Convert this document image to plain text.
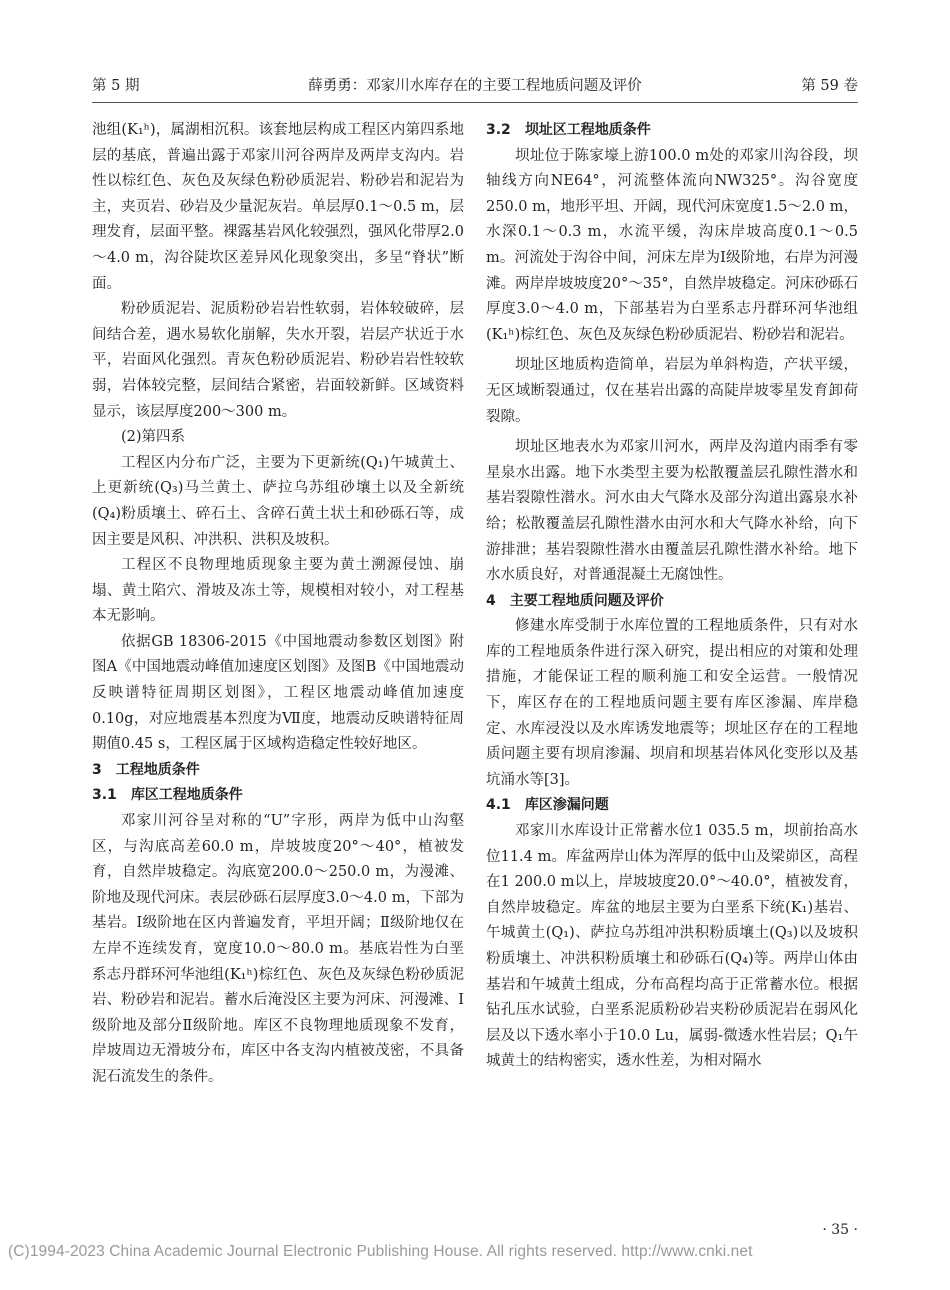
第 5 期	薛勇勇：邓家川水库存在的主要工程地质问题及评价	第 59 卷

池组(K₁ʰ)，属湖相沉积。该套地层构成工程区内第四系地层的基底，普遍出露于邓家川河谷两岸及两岸支沟内。岩性以棕红色、灰色及灰绿色粉砂质泥岩、粉砂岩和泥岩为主，夹页岩、砂岩及少量泥灰岩。单层厚0.1～0.5 m，层理发育，层面平整。裸露基岩风化较强烈，强风化带厚2.0～4.0 m，沟谷陡坎区差异风化现象突出，多呈“脊状”断面。

粉砂质泥岩、泥质粉砂岩岩性软弱，岩体较破碎，层间结合差，遇水易软化崩解，失水开裂，岩层产状近于水平，岩面风化强烈。青灰色粉砂质泥岩、粉砂岩岩性较软弱，岩体较完整，层间结合紧密，岩面较新鲜。区域资料显示，该层厚度200～300 m。

(2)第四系

工程区内分布广泛，主要为下更新统(Q₁)午城黄土、上更新统(Q₃)马兰黄土、萨拉乌苏组砂壤土以及全新统(Q₄)粉质壤土、碎石土、含碎石黄土状土和砂砾石等，成因主要是风积、冲洪积、洪积及坡积。

工程区不良物理地质现象主要为黄土溯源侵蚀、崩塌、黄土陷穴、滑坡及冻土等，规模相对较小，对工程基本无影响。

依据GB 18306-2015《中国地震动参数区划图》附图A《中国地震动峰值加速度区划图》及图B《中国地震动反映谱特征周期区划图》，工程区地震动峰值加速度0.10g，对应地震基本烈度为Ⅶ度，地震动反映谱特征周期值0.45 s，工程区属于区域构造稳定性较好地区。

3 工程地质条件
3.1 库区工程地质条件

邓家川河谷呈对称的“U”字形，两岸为低中山沟壑区，与沟底高差60.0 m，岸坡坡度20°～40°，植被发育，自然岸坡稳定。沟底宽200.0～250.0 m，为漫滩、阶地及现代河床。表层砂砾石层厚度3.0～4.0 m，下部为基岩。Ⅰ级阶地在区内普遍发育，平坦开阔；Ⅱ级阶地仅在左岸不连续发育，宽度10.0～80.0 m。基底岩性为白垩系志丹群环河华池组(K₁ʰ)棕红色、灰色及灰绿色粉砂质泥岩、粉砂岩和泥岩。蓄水后淹没区主要为河床、河漫滩、Ⅰ级阶地及部分Ⅱ级阶地。库区不良物理地质现象不发育，岸坡周边无滑坡分布，库区中各支沟内植被茂密，不具备泥石流发生的条件。

3.2 坝址区工程地质条件

坝址位于陈家壕上游100.0 m处的邓家川沟谷段，坝轴线方向NE64°，河流整体流向NW325°。沟谷宽度250.0 m，地形平坦、开阔，现代河床宽度1.5～2.0 m，水深0.1～0.3 m，水流平缓，沟床岸坡高度0.1～0.5 m。河流处于沟谷中间，河床左岸为Ⅰ级阶地，右岸为河漫滩。两岸岸坡坡度20°～35°，自然岸坡稳定。河床砂砾石厚度3.0～4.0 m，下部基岩为白垩系志丹群环河华池组(K₁ʰ)棕红色、灰色及灰绿色粉砂质泥岩、粉砂岩和泥岩。

坝址区地质构造简单，岩层为单斜构造，产状平缓，无区域断裂通过，仅在基岩出露的高陡岸坡零星发育卸荷裂隙。

坝址区地表水为邓家川河水，两岸及沟道内雨季有零星泉水出露。地下水类型主要为松散覆盖层孔隙性潜水和基岩裂隙性潜水。河水由大气降水及部分沟道出露泉水补给；松散覆盖层孔隙性潜水由河水和大气降水补给，向下游排泄；基岩裂隙性潜水由覆盖层孔隙性潜水补给。地下水水质良好，对普通混凝土无腐蚀性。

4 主要工程地质问题及评价

修建水库受制于水库位置的工程地质条件，只有对水库的工程地质条件进行深入研究，提出相应的对策和处理措施，才能保证工程的顺利施工和安全运营。一般情况下，库区存在的工程地质问题主要有库区渗漏、库岸稳定、水库浸没以及水库诱发地震等；坝址区存在的工程地质问题主要有坝肩渗漏、坝肩和坝基岩体风化变形以及基坑涌水等[3]。

4.1 库区渗漏问题

邓家川水库设计正常蓄水位1 035.5 m，坝前抬高水位11.4 m。库盆两岸山体为浑厚的低中山及梁峁区，高程在1 200.0 m以上，岸坡坡度20.0°～40.0°，植被发育，自然岸坡稳定。库盆的地层主要为白垩系下统(K₁)基岩、午城黄土(Q₁)、萨拉乌苏组冲洪积粉质壤土(Q₃)以及坡积粉质壤土、冲洪积粉质壤土和砂砾石(Q₄)等。两岸山体由基岩和午城黄土组成，分布高程均高于正常蓄水位。根据钻孔压水试验，白垩系泥质粉砂岩夹粉砂质泥岩在弱风化层及以下透水率小于10.0 Lu，属弱-微透水性岩层；Q₁午城黄土的结构密实，透水性差，为相对隔水

· 35 ·
(C)1994-2023 China Academic Journal Electronic Publishing House. All rights reserved. http://www.cnki.net
